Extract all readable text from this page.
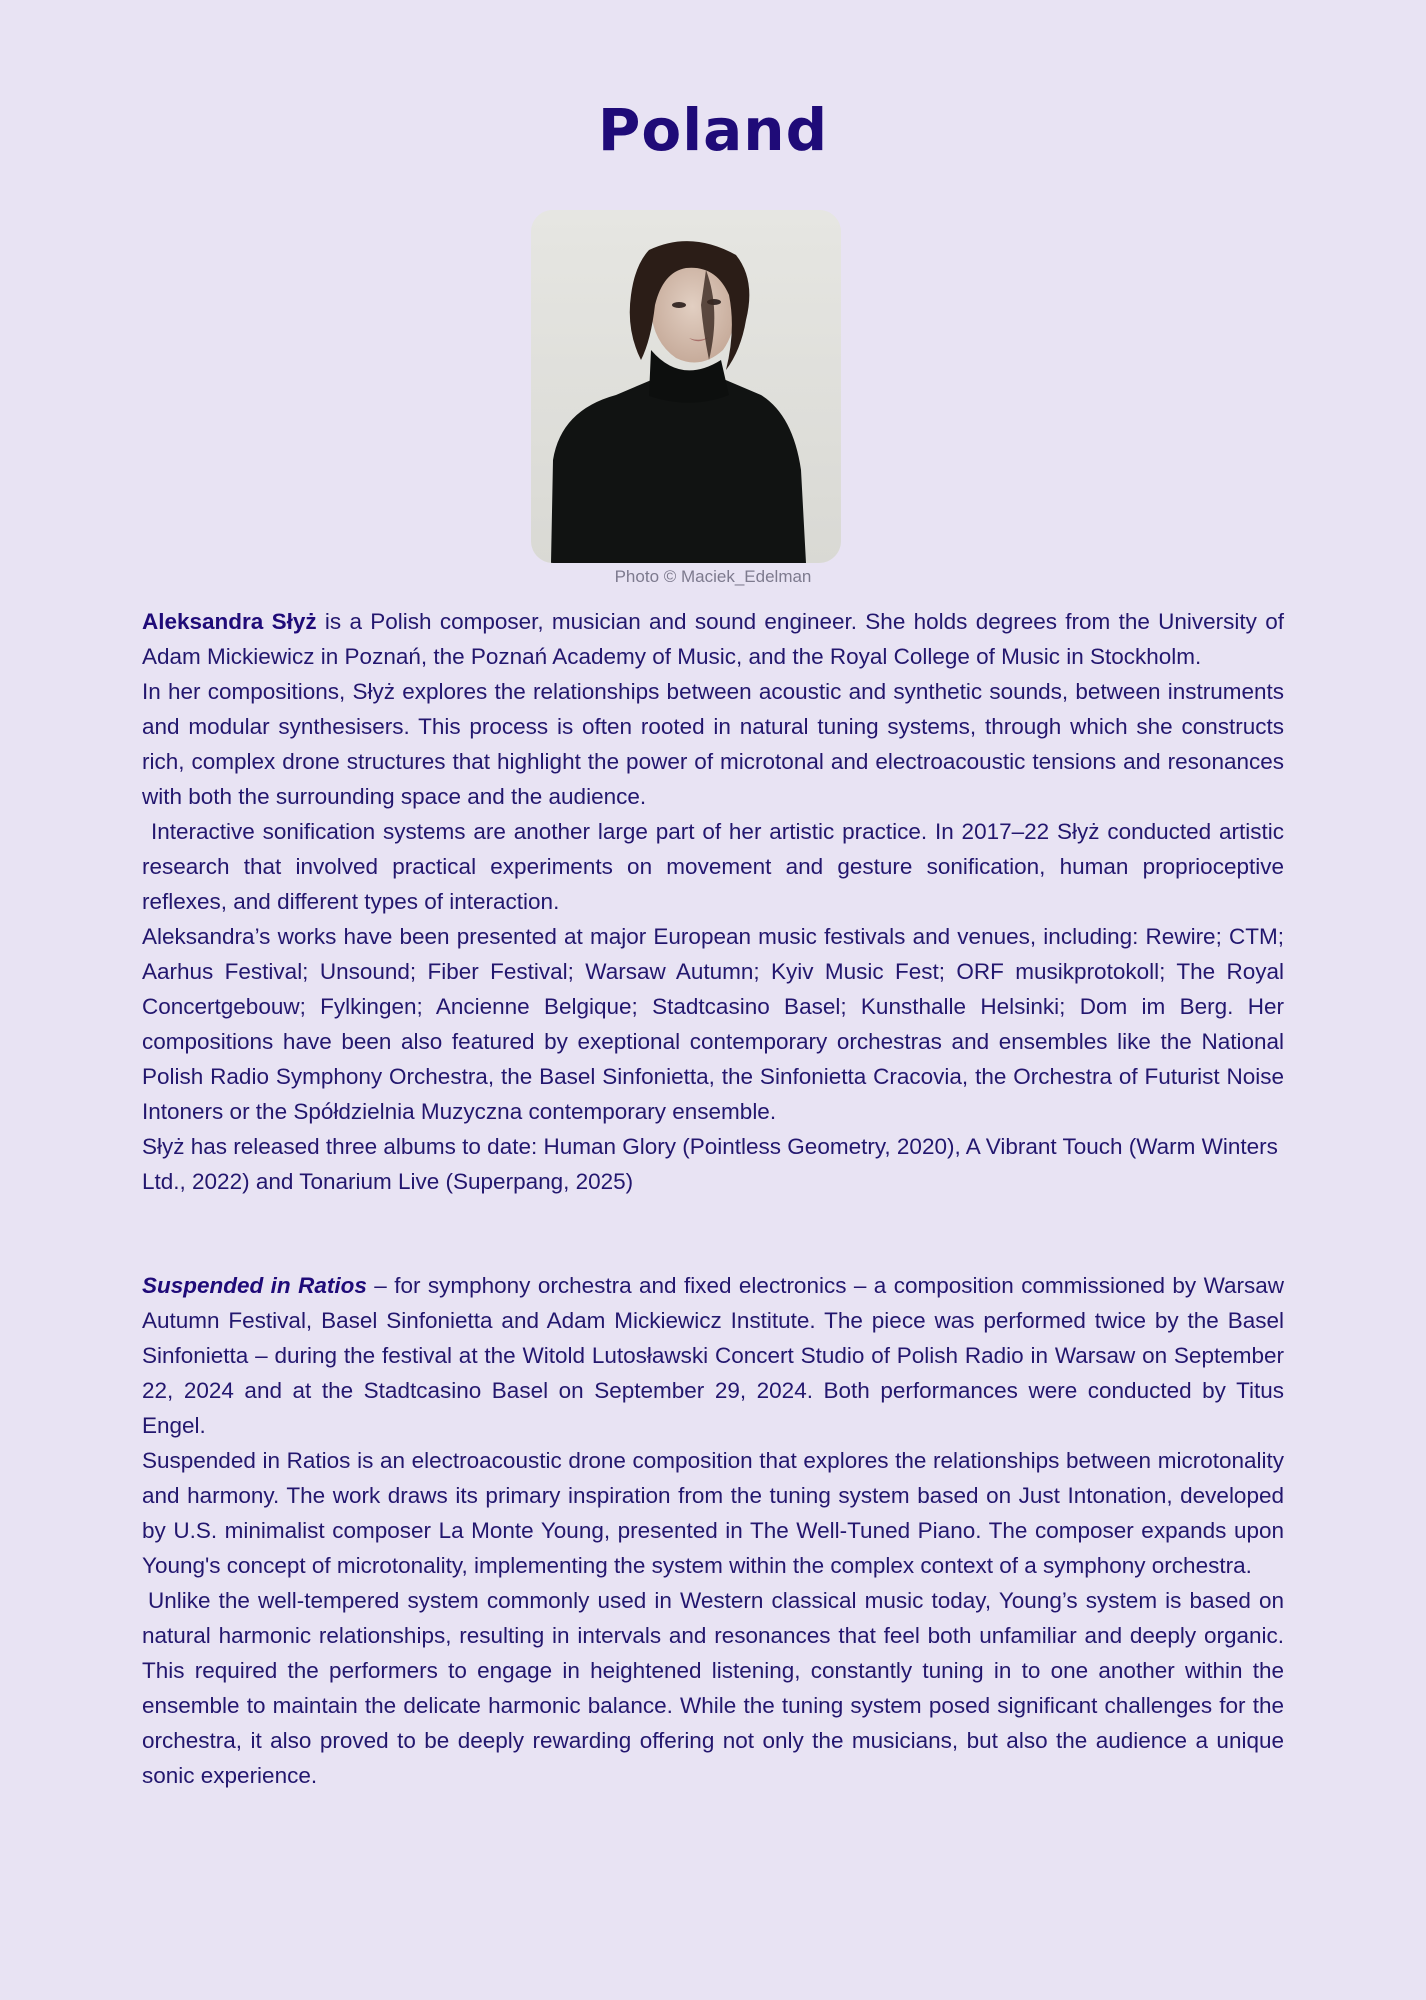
Poland
Photo © Maciek_Edelman

Aleksandra Słyż is a Polish composer, musician and sound engineer. She holds degrees from the University of Adam Mickiewicz in Poznań, the Poznań Academy of Music, and the Royal College of Music in Stockholm.

In her compositions, Słyż explores the relationships between acoustic and synthetic sounds, between instruments and modular synthesisers. This process is often rooted in natural tuning systems, through which she constructs rich, complex drone structures that highlight the power of microtonal and electroacoustic tensions and resonances with both the surrounding space and the audience.

Interactive sonification systems are another large part of her artistic practice. In 2017–22 Słyż conducted artistic research that involved practical experiments on movement and gesture sonification, human proprioceptive reflexes, and different types of interaction.

Aleksandra’s works have been presented at major European music festivals and venues, including: Rewire; CTM; Aarhus Festival; Unsound; Fiber Festival; Warsaw Autumn; Kyiv Music Fest; ORF musikprotokoll; The Royal Concertgebouw; Fylkingen; Ancienne Belgique; Stadtcasino Basel; Kunsthalle Helsinki; Dom im Berg. Her compositions have been also featured by exeptional contemporary orchestras and ensembles like the National Polish Radio Symphony Orchestra, the Basel Sinfonietta, the Sinfonietta Cracovia, the Orchestra of Futurist Noise Intoners or the Spółdzielnia Muzyczna contemporary ensemble.

Słyż has released three albums to date: Human Glory (Pointless Geometry, 2020), A Vibrant Touch (Warm Winters Ltd., 2022) and Tonarium Live (Superpang, 2025)

Suspended in Ratios – for symphony orchestra and fixed electronics – a composition commissioned by Warsaw Autumn Festival, Basel Sinfonietta and Adam Mickiewicz Institute. The piece was performed twice by the Basel Sinfonietta – during the festival at the Witold Lutosławski Concert Studio of Polish Radio in Warsaw on September 22, 2024 and at the Stadtcasino Basel on September 29, 2024. Both performances were conducted by Titus Engel.

Suspended in Ratios is an electroacoustic drone composition that explores the relationships between microtonality and harmony. The work draws its primary inspiration from the tuning system based on Just Intonation, developed by U.S. minimalist composer La Monte Young, presented in The Well-Tuned Piano. The composer expands upon Young's concept of microtonality, implementing the system within the complex context of a symphony orchestra.

Unlike the well-tempered system commonly used in Western classical music today, Young’s system is based on natural harmonic relationships, resulting in intervals and resonances that feel both unfamiliar and deeply organic. This required the performers to engage in heightened listening, constantly tuning in to one another within the ensemble to maintain the delicate harmonic balance. While the tuning system posed significant challenges for the orchestra, it also proved to be deeply rewarding offering not only the musicians, but also the audience a unique sonic experience.
